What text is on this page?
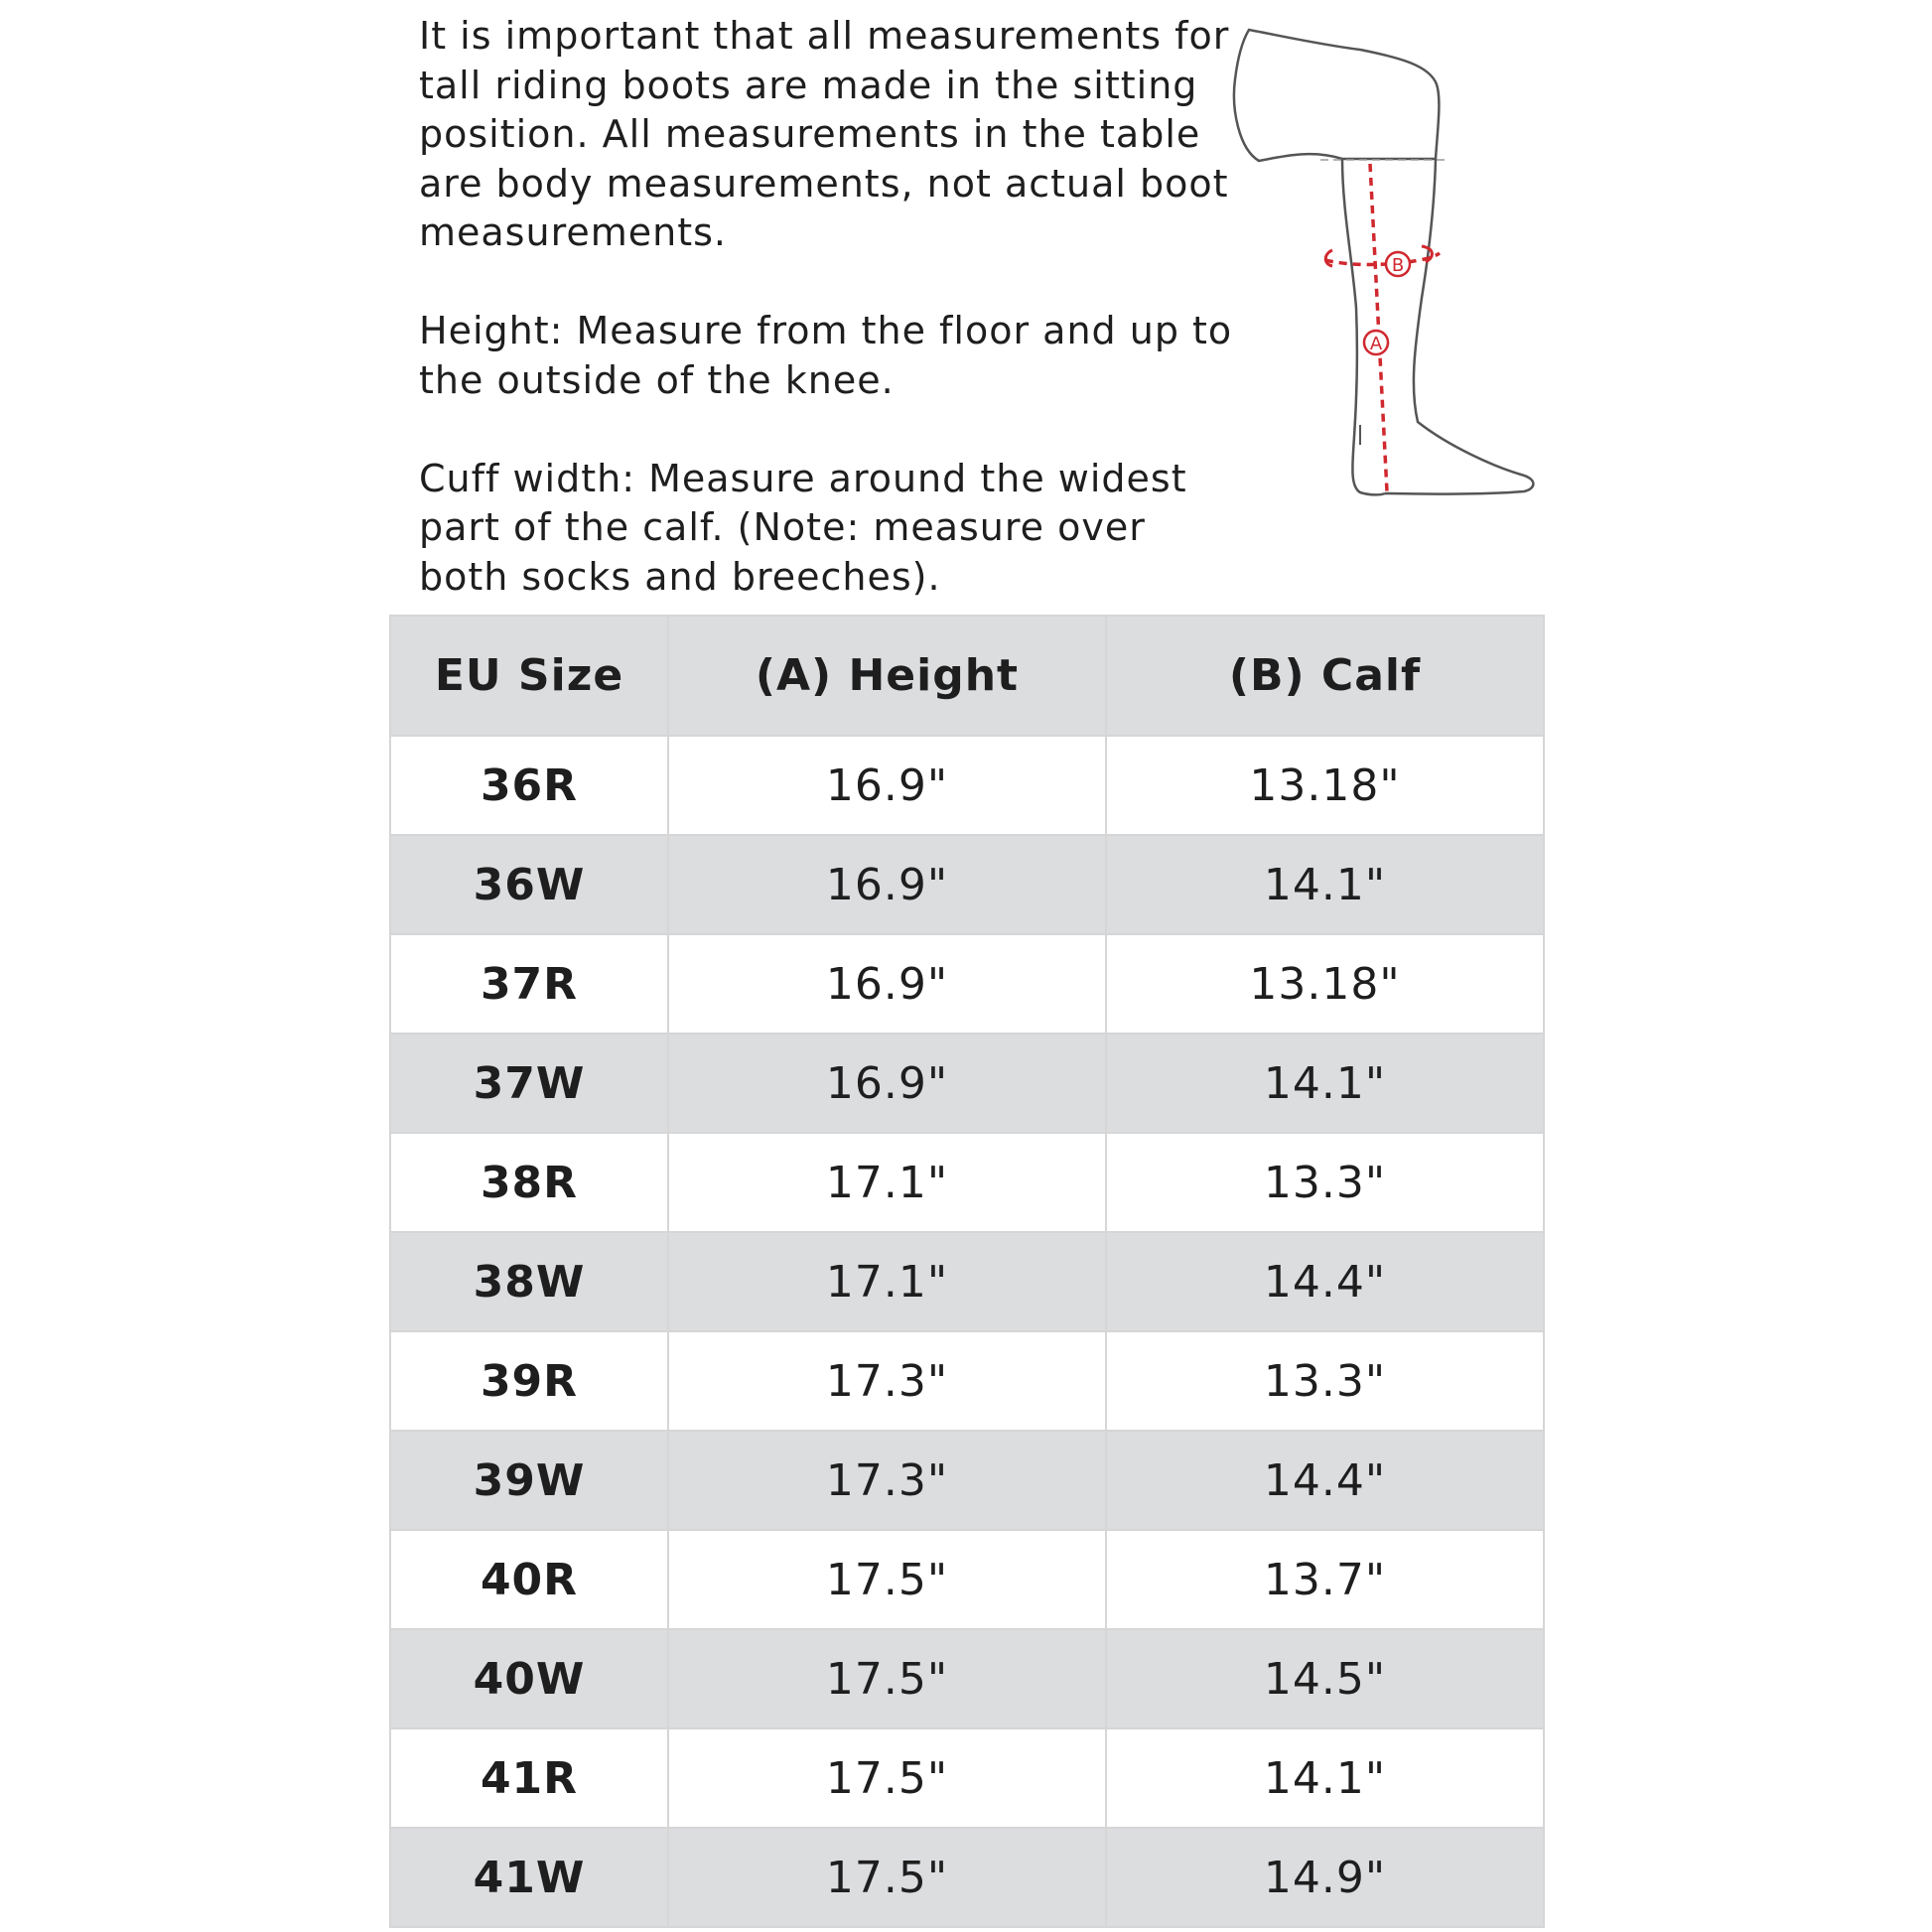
It is important that all measurements for tall riding boots are made in the sitting position. All measurements in the table are body measurements, not actual boot measurements.

Height: Measure from the floor and up to the outside of the knee.

Cuff width: Measure around the widest part of the calf. (Note: measure over both socks and breeches).

B
A
EU Size	(A) Height	(B) Calf
36R	16.9"	13.18"
36W	16.9"	14.1"
37R	16.9"	13.18"
37W	16.9"	14.1"
38R	17.1"	13.3"
38W	17.1"	14.4"
39R	17.3"	13.3"
39W	17.3"	14.4"
40R	17.5"	13.7"
40W	17.5"	14.5"
41R	17.5"	14.1"
41W	17.5"	14.9"
